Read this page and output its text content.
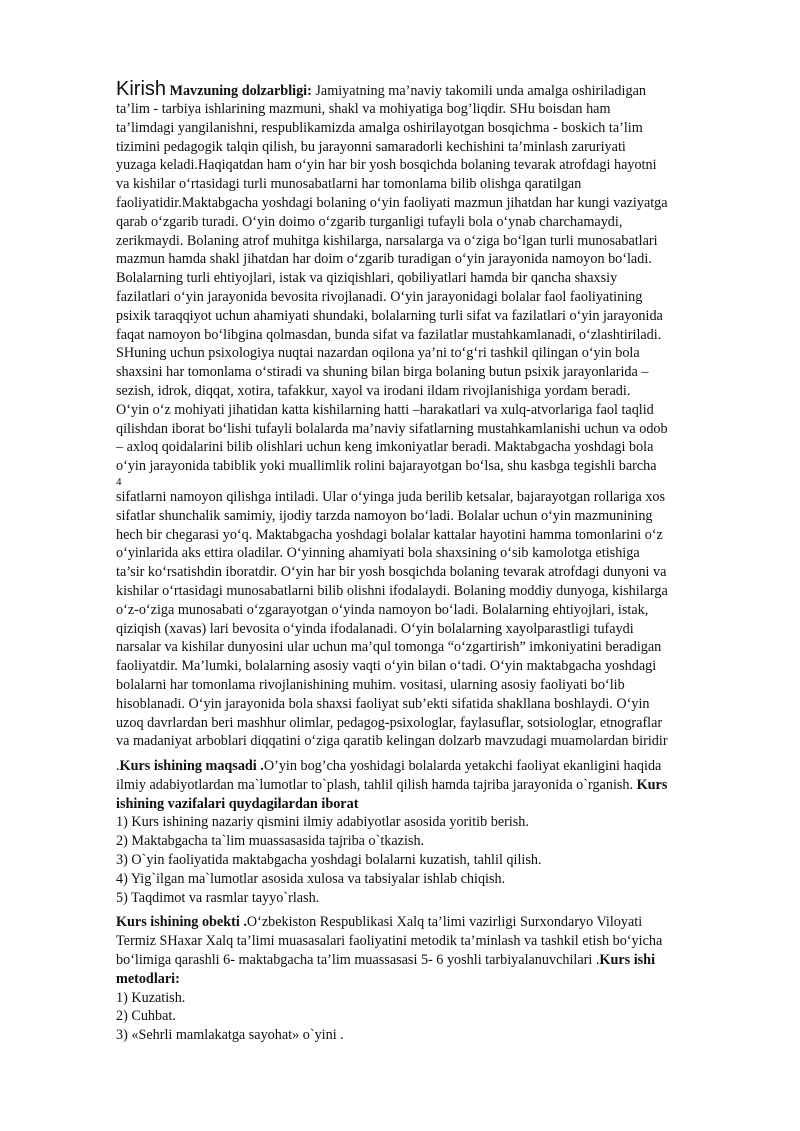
Kirish Mavzuning dolzarbligi: Jamiyatning ma’naviy takomili unda amalga oshiriladigan
ta’lim - tarbiya ishlarining mazmuni, shakl va mohiyatiga bog’liqdir. SHu boisdan ham
ta’limdagi yangilanishni, respublikamizda amalga oshirilayotgan bosqichma - boskich ta’lim
tizimini pedagogik talqin qilish, bu jarayonni samaradorli kechishini ta’minlash zaruriyati
yuzaga keladi.Haqiqatdan ham o‘yin har bir yosh bosqichda bolaning tevarak atrofdagi hayotni
va kishilar o‘rtasidagi turli munosabatlarni har tomonlama bilib olishga qaratilgan
faoliyatidir.Maktabgacha yoshdagi bolaning o‘yin faoliyati mazmun jihatdan har kungi vaziyatga
qarab o‘zgarib turadi. O‘yin doimo o‘zgarib turganligi tufayli bola o‘ynab charchamaydi,
zerikmaydi. Bolaning atrof muhitga kishilarga, narsalarga va o‘ziga bo‘lgan turli munosabatlari
mazmun hamda shakl jihatdan har doim o‘zgarib turadigan o‘yin jarayonida namoyon bo‘ladi.
Bolalarning turli ehtiyojlari, istak va qiziqishlari, qobiliyatlari hamda bir qancha shaxsiy
fazilatlari o‘yin jarayonida bevosita rivojlanadi. O‘yin jarayonidagi bolalar faol faoliyatining
psixik taraqqiyot uchun ahamiyati shundaki, bolalarning turli sifat va fazilatlari o‘yin jarayonida
faqat namoyon bo‘libgina qolmasdan, bunda sifat va fazilatlar mustahkamlanadi, o‘zlashtiriladi.
SHuning uchun psixologiya nuqtai nazardan oqilona ya’ni to‘g‘ri tashkil qilingan o‘yin bola
shaxsini har tomonlama o‘stiradi va shuning bilan birga bolaning butun psixik jarayonlarida –
sezish, idrok, diqqat, xotira, tafakkur, xayol va irodani ildam rivojlanishiga yordam beradi.
O‘yin o‘z mohiyati jihatidan katta kishilarning hatti –harakatlari va xulq-atvorlariga faol taqlid
qilishdan iborat bo‘lishi tufayli bolalarda ma’naviy sifatlarning mustahkamlanishi uchun va odob
– axloq qoidalarini bilib olishlari uchun keng imkoniyatlar beradi. Maktabgacha yoshdagi bola
o‘yin jarayonida tabiblik yoki muallimlik rolini bajarayotgan bo‘lsa, shu kasbga tegishli barcha
4
sifatlarni namoyon qilishga intiladi. Ular o‘yinga juda berilib ketsalar, bajarayotgan rollariga xos
sifatlar shunchalik samimiy, ijodiy tarzda namoyon bo‘ladi. Bolalar uchun o‘yin mazmunining
hech bir chegarasi yo‘q. Maktabgacha yoshdagi bolalar kattalar hayotini hamma tomonlarini o‘z
o‘yinlarida aks ettira oladilar. O‘yinning ahamiyati bola shaxsining o‘sib kamolotga etishiga
ta’sir ko‘rsatishdin iboratdir. O‘yin har bir yosh bosqichda bolaning tevarak atrofdagi dunyoni va
kishilar o‘rtasidagi munosabatlarni bilib olishni ifodalaydi. Bolaning moddiy dunyoga, kishilarga
o‘z-o‘ziga munosabati o‘zgarayotgan o‘yinda namoyon bo‘ladi. Bolalarning ehtiyojlari, istak,
qiziqish (xavas) lari bevosita o‘yinda ifodalanadi. O‘yin bolalarning xayolparastligi tufaydi
narsalar va kishilar dunyosini ular uchun ma’qul tomonga “o‘zgartirish” imkoniyatini beradigan
faoliyatdir. Ma’lumki, bolalarning asosiy vaqti o‘yin bilan o‘tadi. O‘yin maktabgacha yoshdagi
bolalarni har tomonlama rivojlanishining muhim. vositasi, ularning asosiy faoliyati bo‘lib
hisoblanadi. O‘yin jarayonida bola shaxsi faoliyat sub’ekti sifatida shakllana boshlaydi. O‘yin
uzoq davrlardan beri mashhur olimlar, pedagog-psixologlar, faylasuflar, sotsiologlar, etnograflar
va madaniyat arboblari diqqatini o‘ziga qaratib kelingan dolzarb mavzudagi muamolardan biridir
.Kurs ishining maqsadi .O’yin bog’cha yoshidagi bolalarda yetakchi faoliyat ekanligini haqida
ilmiy adabiyotlardan ma`lumotlar to`plash, tahlil qilish hamda tajriba jarayonida o`rganish. Kurs
ishining vazifalari quydagilardan iborat
1) Kurs ishining nazariy qismini ilmiy adabiyotlar asosida yoritib berish.
2) Maktabgacha ta`lim muassasasida tajriba o`tkazish.
3) O`yin faoliyatida maktabgacha yoshdagi bolalarni kuzatish, tahlil qilish.
4) Yig`ilgan ma`lumotlar asosida xulosa va tabsiyalar ishlab chiqish.
5) Taqdimot va rasmlar tayyo`rlash.
Kurs ishining obekti .O‘zbekiston Respublikasi Xalq ta’limi vazirligi Surxondaryo Viloyati
Termiz SHaxar Xalq ta’limi muasasalari faoliyatini metodik ta’minlash va tashkil etish bo‘yicha
bo‘limiga qarashli 6- maktabgacha ta’lim muassasasi 5- 6 yoshli tarbiyalanuvchilari .Kurs ishi
metodlari:
1) Kuzatish.
2) Cuhbat.
3) «Sehrli mamlakatga sayohat» o`yini .
